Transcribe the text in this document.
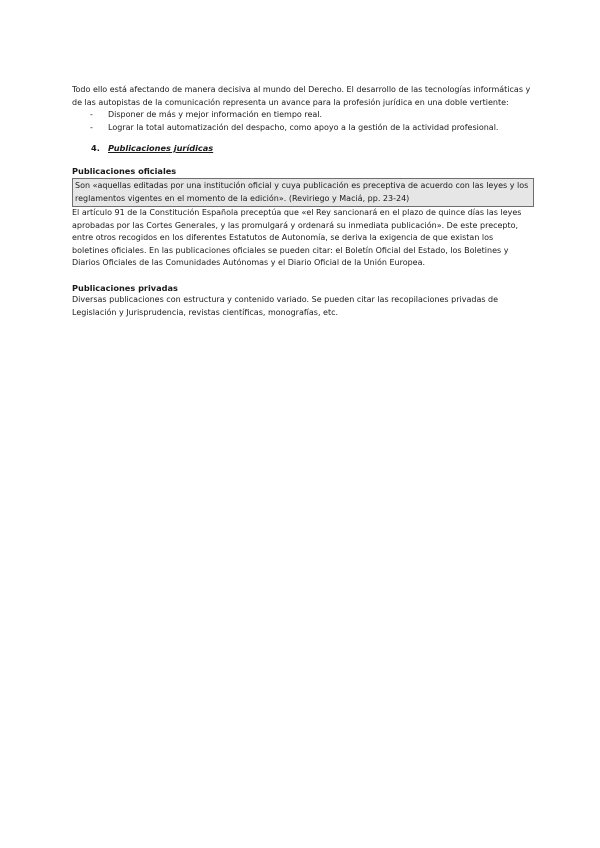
Todo ello está afectando de manera decisiva al mundo del Derecho. El desarrollo de las tecnologías informáticas y de las autopistas de la comunicación representa un avance para la profesión jurídica en una doble vertiente:

- Disponer de más y mejor información en tiempo real.
- Lograr la total automatización del despacho, como apoyo a la gestión de la actividad profesional.
4. Publicaciones jurídicas
Publicaciones oficiales
Son «aquellas editadas por una institución oficial y cuya publicación es preceptiva de acuerdo con las leyes y los reglamentos vigentes en el momento de la edición». (Reviriego y Maciá, pp. 23-24)

El artículo 91 de la Constitución Española preceptúa que «el Rey sancionará en el plazo de quince días las leyes aprobadas por las Cortes Generales, y las promulgará y ordenará su inmediata publicación». De este precepto, entre otros recogidos en los diferentes Estatutos de Autonomía, se deriva la exigencia de que existan los boletines oficiales. En las publicaciones oficiales se pueden citar: el Boletín Oficial del Estado, los Boletines y Diarios Oficiales de las Comunidades Autónomas y el Diario Oficial de la Unión Europea.

Publicaciones privadas

Diversas publicaciones con estructura y contenido variado. Se pueden citar las recopilaciones privadas de Legislación y Jurisprudencia, revistas científicas, monografías, etc.
